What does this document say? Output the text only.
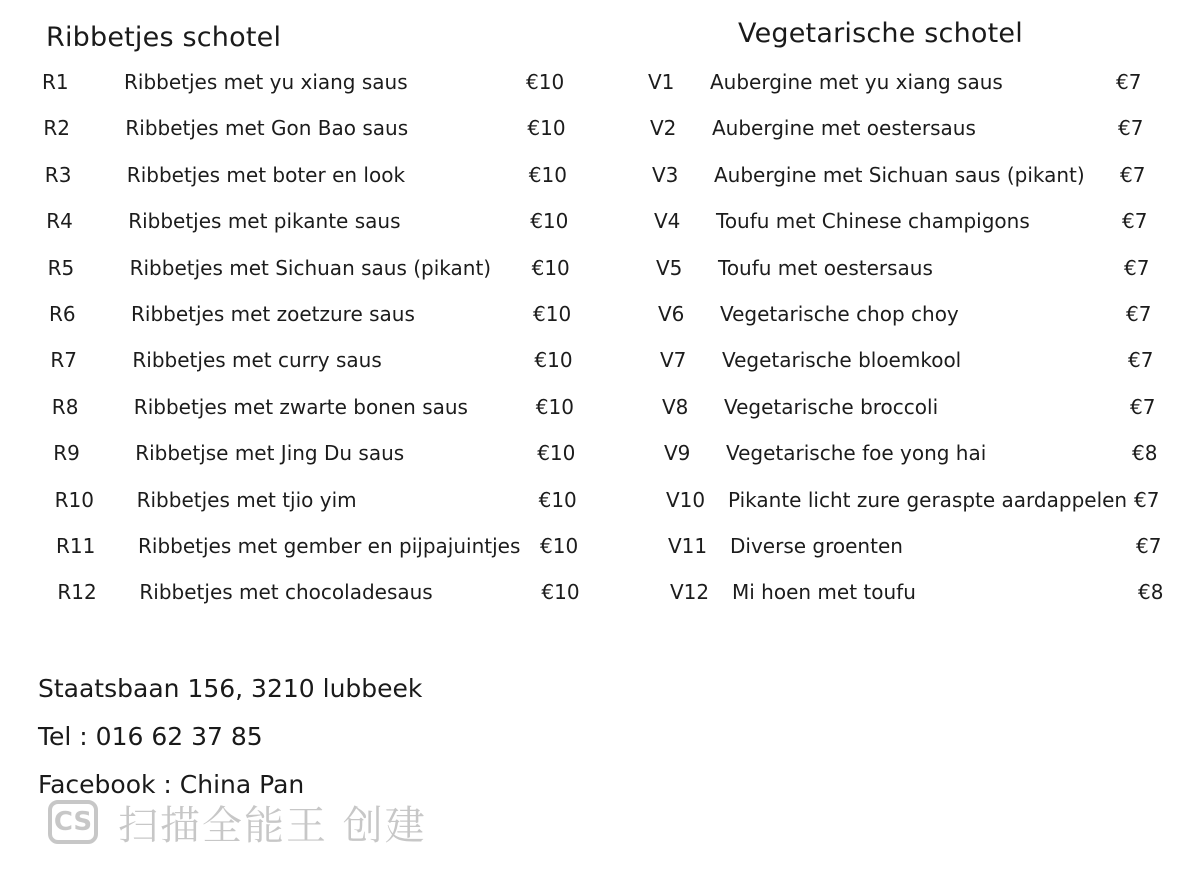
Ribbetjes schotel
R1	Ribbetjes met yu xiang saus	€10
R2	Ribbetjes met Gon Bao saus	€10
R3	Ribbetjes met boter en look	€10
R4	Ribbetjes met pikante saus	€10
R5	Ribbetjes met Sichuan saus (pikant) €10
R6	Ribbetjes met zoetzure saus	€10
R7	Ribbetjes met curry saus	€10
R8	Ribbetjes met zwarte bonen saus	€10
R9	Ribbetjse met Jing Du saus	€10
R10 Ribbetjes met tjio yim	€10
R11 Ribbetjes met gember en pijpajuintjes €10
R12 Ribbetjes met chocoladesaus	€10
Vegetarische schotel
V1 Aubergine met yu xiang saus	€7
V2 Aubergine met oestersaus	€7
V3 Aubergine met Sichuan saus (pikant) €7
V4 Toufu met Chinese champigons	€7
V5 Toufu met oestersaus	€7
V6 Vegetarische chop choy	€7
V7 Vegetarische bloemkool	€7
V8 Vegetarische broccoli	€7
V9 Vegetarische foe yong hai	€8
V10 Pikante licht zure geraspte aardappelen €7
V11 Diverse groenten	€7
V12 Mi hoen met toufu	€8
Staatsbaan 156, 3210 lubbeek
Tel : 016 62 37 85
Facebook : China Pan
CS 扫描全能王 创建
